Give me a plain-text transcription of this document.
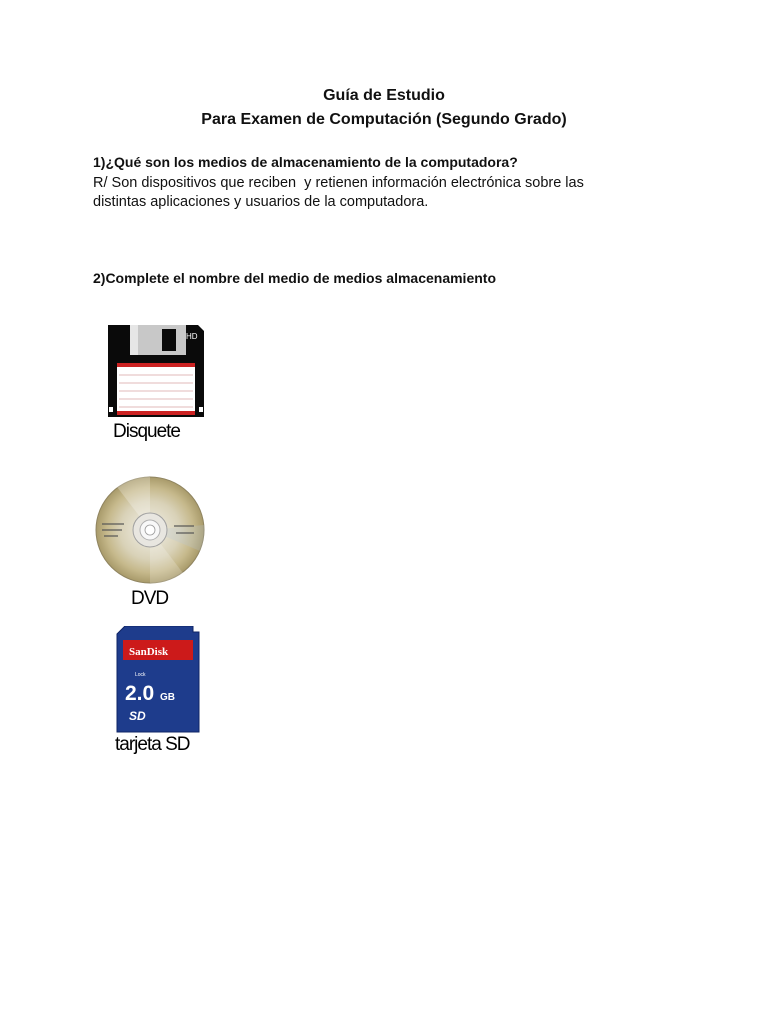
Guía de Estudio
Para Examen de Computación (Segundo Grado)
1)¿Qué son los medios de almacenamiento de la computadora?
R/ Son dispositivos que reciben  y retienen información electrónica sobre las
distintas aplicaciones y usuarios de la computadora.
2)Complete el nombre del medio de medios almacenamiento
HD
Disquete
DVD
SanDisk
Lock
2.0 GB
SD
tarjeta SD
